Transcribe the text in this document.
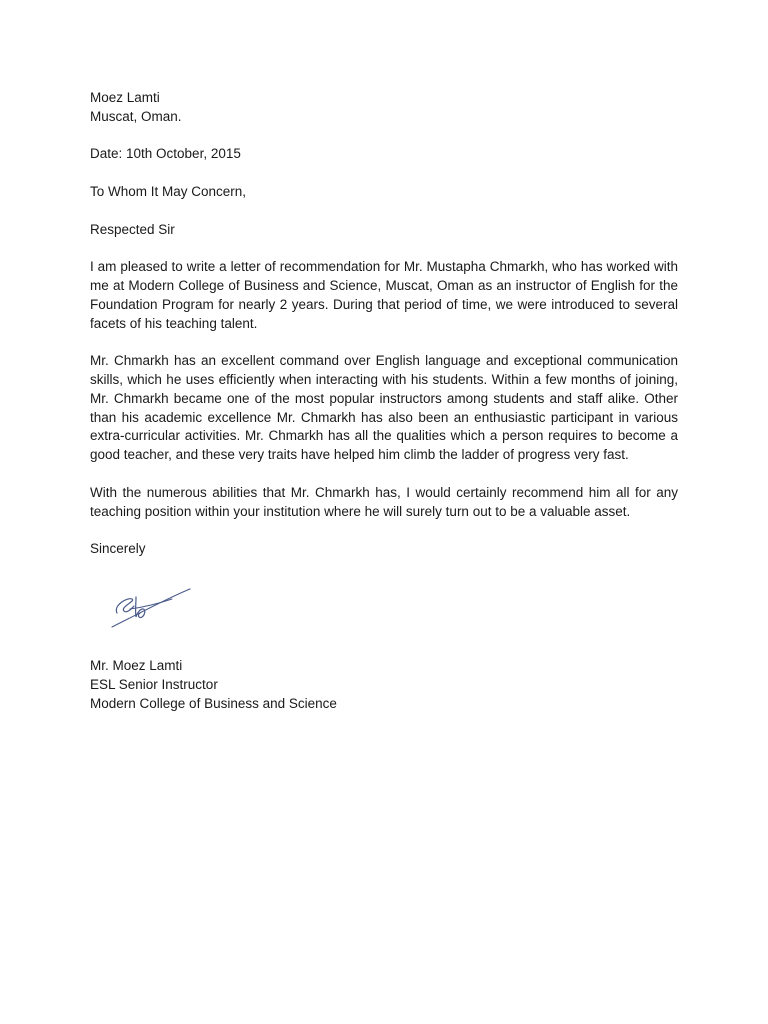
Moez Lamti
Muscat, Oman.
Date: 10th October, 2015
To Whom It May Concern,
Respected Sir

I am pleased to write a letter of recommendation for Mr. Mustapha Chmarkh, who has worked with me at Modern College of Business and Science, Muscat, Oman as an instructor of English for the Foundation Program for nearly 2 years. During that period of time, we were introduced to several facets of his teaching talent.

Mr. Chmarkh has an excellent command over English language and exceptional communication skills, which he uses efficiently when interacting with his students. Within a few months of joining, Mr. Chmarkh became one of the most popular instructors among students and staff alike. Other than his academic excellence Mr. Chmarkh has also been an enthusiastic participant in various extra-curricular activities. Mr. Chmarkh has all the qualities which a person requires to become a good teacher, and these very traits have helped him climb the ladder of progress very fast.

With the numerous abilities that Mr. Chmarkh has, I would certainly recommend him all for any teaching position within your institution where he will surely turn out to be a valuable asset.

Sincerely
Mr. Moez Lamti
ESL Senior Instructor
Modern College of Business and Science
